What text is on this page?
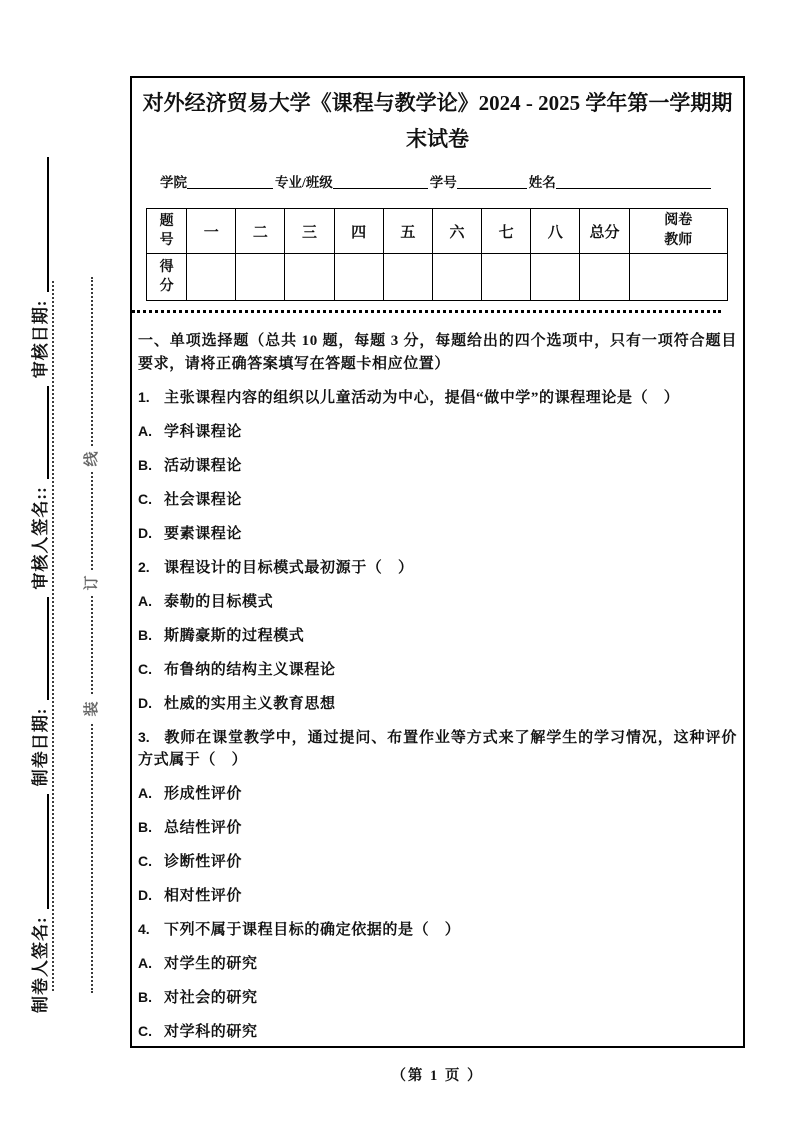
制卷人签名:
制卷日期:
审核人签名::
审核日期:
线
订
装
对外经济贸易大学《课程与教学论》2024 - 2025 学年第一学期期
末试卷
学院	专业/班级	学号	姓名
题号	一	二	三	四	五	六	七	八	总分	阅卷教师
得分										

一、单项选择题（总共 10 题，每题 3 分，每题给出的四个选项中，只有一项符合题目要求，请将正确答案填写在答题卡相应位置）

1. 主张课程内容的组织以儿童活动为中心，提倡“做中学”的课程理论是（　）

A. 学科课程论

B. 活动课程论

C. 社会课程论

D. 要素课程论

2. 课程设计的目标模式最初源于（　）

A. 泰勒的目标模式

B. 斯腾豪斯的过程模式

C. 布鲁纳的结构主义课程论

D. 杜威的实用主义教育思想

3. 教师在课堂教学中，通过提问、布置作业等方式来了解学生的学习情况，这种评价方式属于（　）

A. 形成性评价

B. 总结性评价

C. 诊断性评价

D. 相对性评价

4. 下列不属于课程目标的确定依据的是（　）

A. 对学生的研究

B. 对社会的研究

C. 对学科的研究

（第 1 页 ）
